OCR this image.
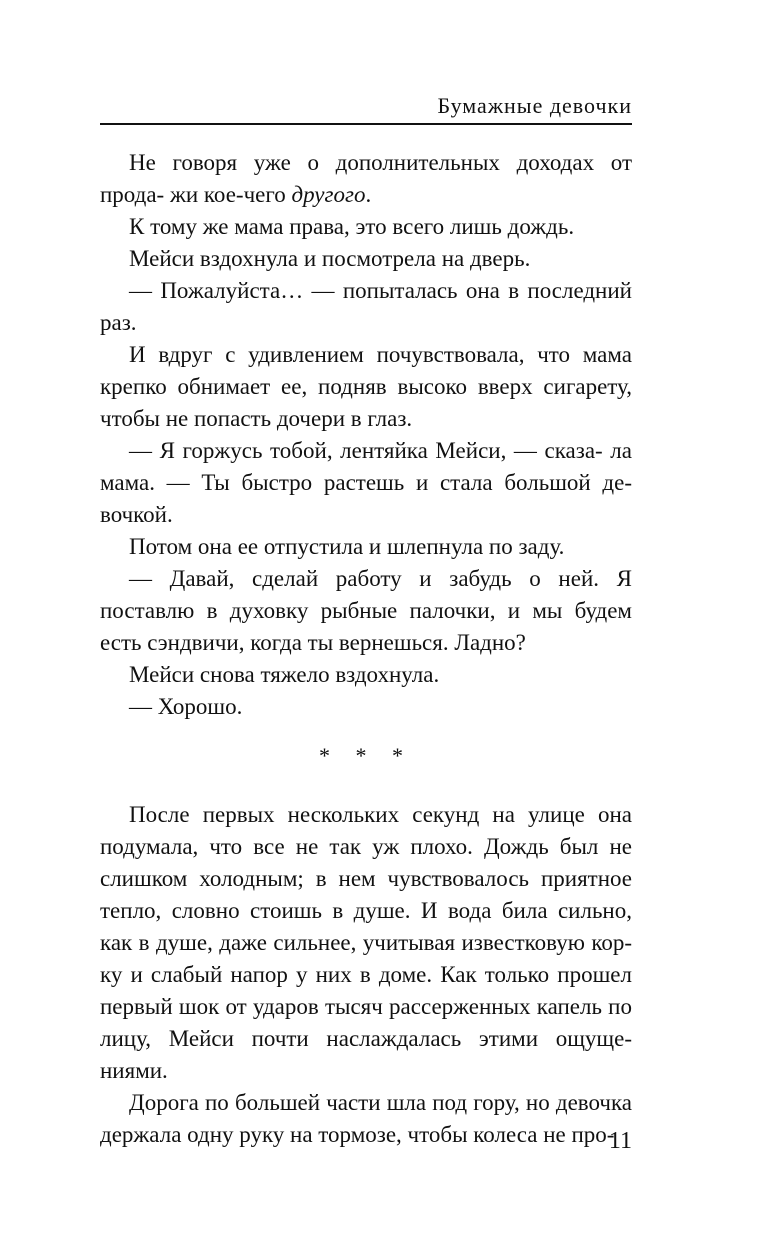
Бумажные девочки

Не говоря уже о дополнительных доходах от прода- жи кое-чего другого.

К тому же мама права, это всего лишь дождь.

Мейси вздохнула и посмотрела на дверь.

— Пожалуйста… — попыталась она в последний раз.

И вдруг с удивлением почувствовала, что мама крепко обнимает ее, подняв высоко вверх сигарету, чтобы не попасть дочери в глаз.

— Я горжусь тобой, лентяйка Мейси, — сказа- ла мама. — Ты быстро растешь и стала большой де- вочкой.

Потом она ее отпустила и шлепнула по заду.

— Давай, сделай работу и забудь о ней. Я поставлю в духовку рыбные палочки, и мы будем есть сэндвичи, когда ты вернешься. Ладно?

Мейси снова тяжело вздохнула.

— Хорошо.

* * *

После первых нескольких секунд на улице она подумала, что все не так уж плохо. Дождь был не слишком холодным; в нем чувствовалось приятное тепло, словно стоишь в душе. И вода била сильно, как в душе, даже сильнее, учитывая известковую кор- ку и слабый напор у них в доме. Как только прошел первый шок от ударов тысяч рассерженных капель по лицу, Мейси почти наслаждалась этими ощуще- ниями.

Дорога по большей части шла под гору, но девочка держала одну руку на тормозе, чтобы колеса не про-

11
